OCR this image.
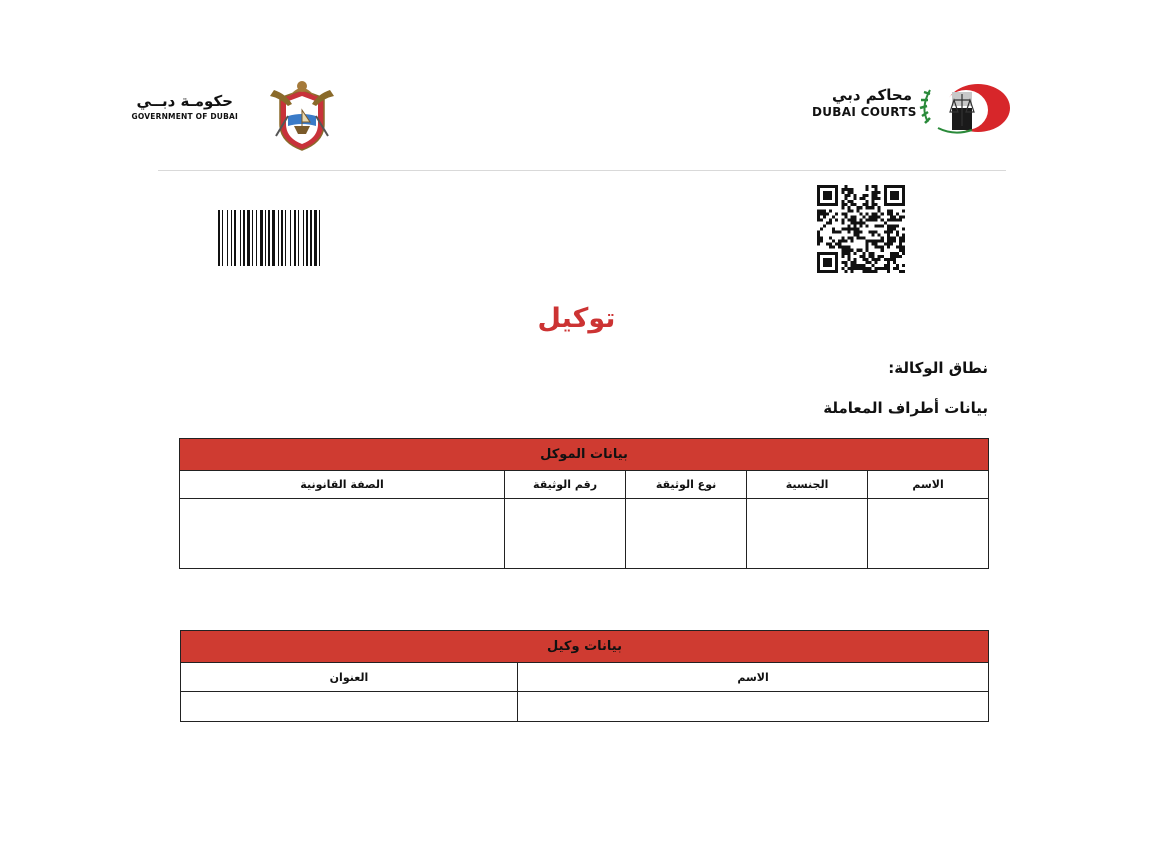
حكومـة دبــي
GOVERNMENT OF DUBAI
محاكم دبي
DUBAI COURTS
توكيل
نطاق الوكالة:
بيانات أطراف المعاملة
بيانات الموكل				
الاسم	الجنسية	نوع الوثيقة	رقم الوثيقة	الصفة القانونية

بيانات وكيل	
الاسم	العنوان
